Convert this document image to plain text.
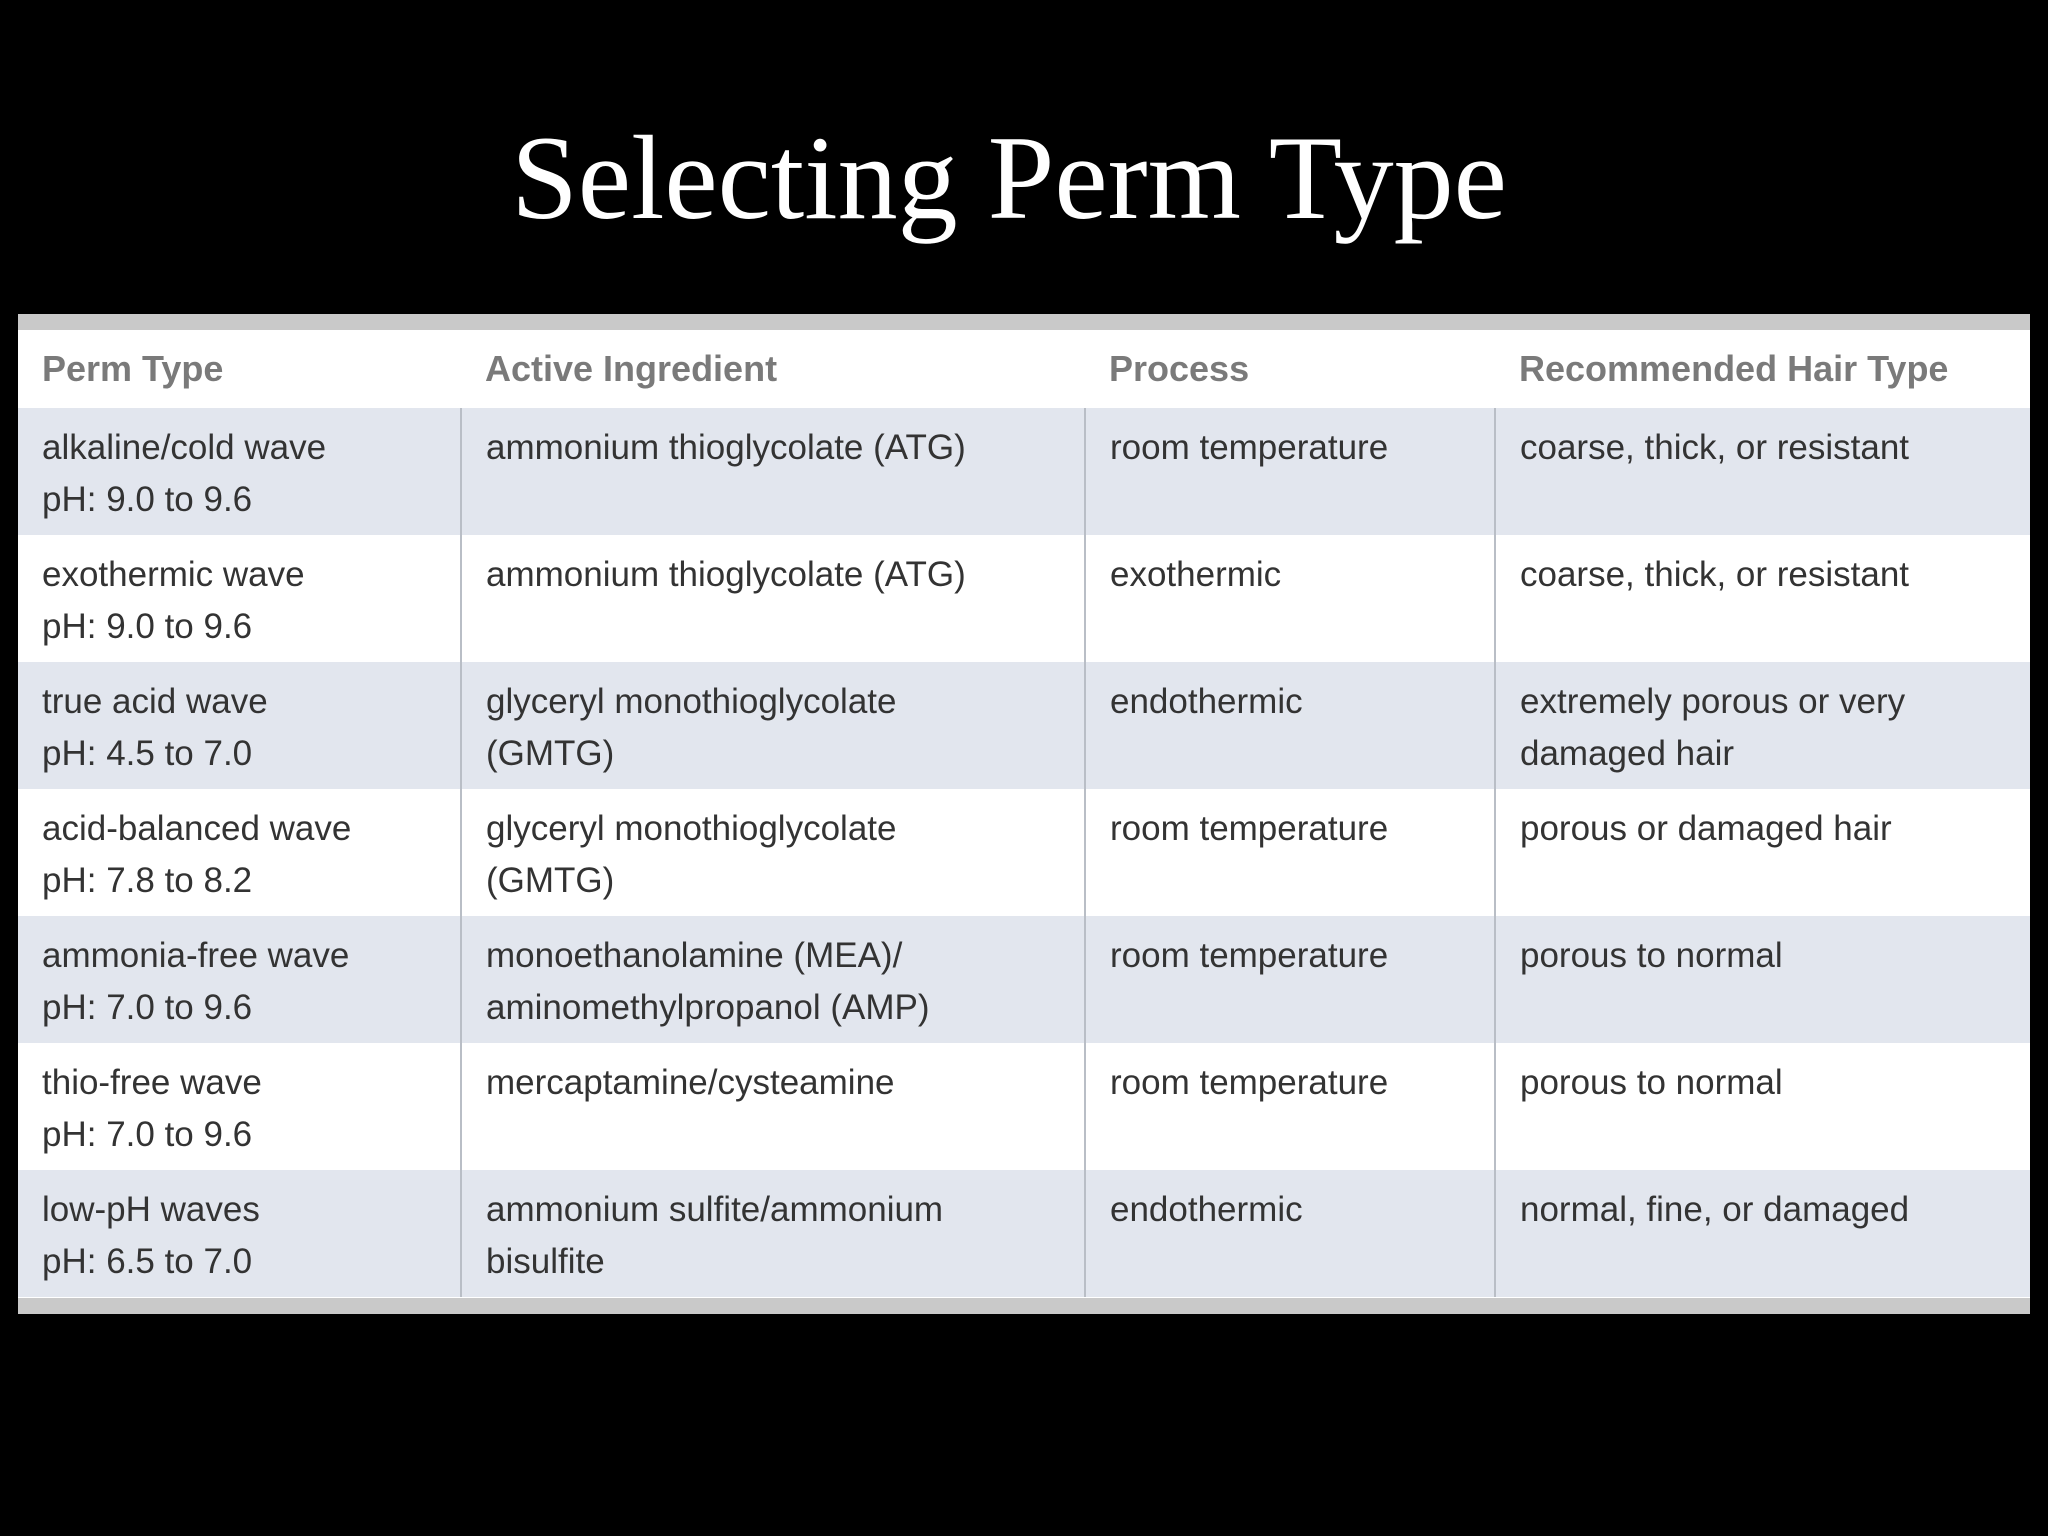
Selecting Perm Type
Perm Type	Active Ingredient	Process	Recommended Hair Type

alkaline/cold wave
pH: 9.0 to 9.6	ammonium thioglycolate (ATG)	room temperature	coarse, thick, or resistant

exothermic wave
pH: 9.0 to 9.6	ammonium thioglycolate (ATG)	exothermic	coarse, thick, or resistant

true acid wave
pH: 4.5 to 7.0	glyceryl monothioglycolate
(GMTG)	endothermic	extremely porous or very
damaged hair

acid-balanced wave
pH: 7.8 to 8.2	glyceryl monothioglycolate
(GMTG)	room temperature	porous or damaged hair

ammonia-free wave
pH: 7.0 to 9.6	monoethanolamine (MEA)/
aminomethylpropanol (AMP)	room temperature	porous to normal

thio-free wave
pH: 7.0 to 9.6	mercaptamine/cysteamine	room temperature	porous to normal

low-pH waves
pH: 6.5 to 7.0	ammonium sulfite/ammonium
bisulfite	endothermic	normal, fine, or damaged
